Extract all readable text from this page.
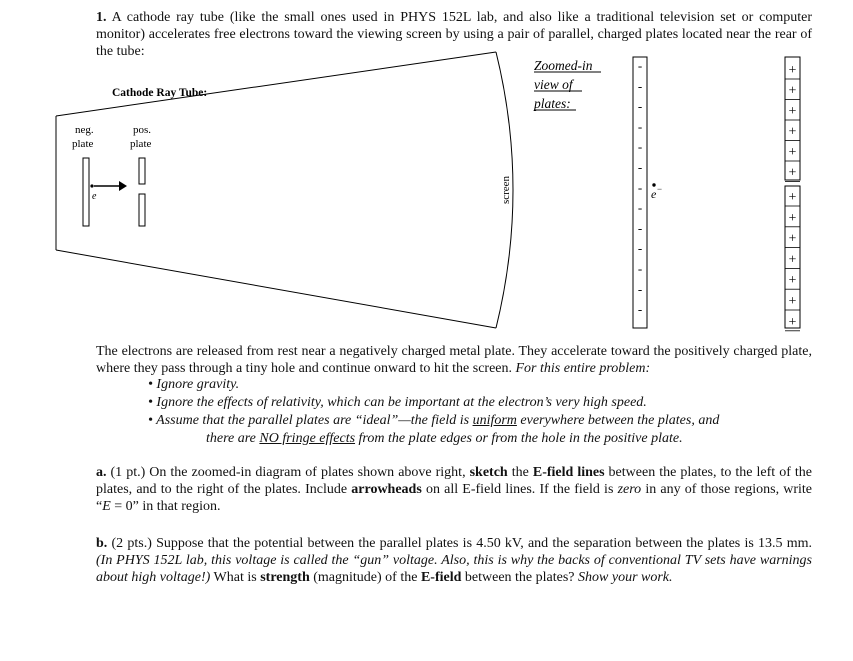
1. A cathode ray tube (like the small ones used in PHYS 152L lab, and also like a traditional television set or computer monitor) accelerates free electrons toward the viewing screen by using a pair of parallel, charged plates located near the rear of the tube:

Cathode Ray Tube:
neg.
plate
pos.
plate
e	screen
Zoomed-in
view of
plates:
-
-
-
-
-
-
-
-
-
-
-
-
-
e −
+
+
+
+
+
+
+
+
+
+
+
+
+

The electrons are released from rest near a negatively charged metal plate. They accelerate toward the positively charged plate, where they pass through a tiny hole and continue onward to hit the screen. For this entire problem:

• Ignore gravity.
• Ignore the effects of relativity, which can be important at the electron’s very high speed.
• Assume that the parallel plates are “ideal”—the field is uniform everywhere between the plates, and
there are NO fringe effects from the plate edges or from the hole in the positive plate.

a. (1 pt.) On the zoomed-in diagram of plates shown above right, sketch the E-field lines between the plates, to the left of the plates, and to the right of the plates. Include arrowheads on all E-field lines. If the field is zero in any of those regions, write “E = 0” in that region.

b. (2 pts.) Suppose that the potential between the parallel plates is 4.50 kV, and the separation between the plates is 13.5 mm. (In PHYS 152L lab, this voltage is called the “gun” voltage. Also, this is why the backs of conventional TV sets have warnings about high voltage!) What is strength (magnitude) of the E-field between the plates? Show your work.
